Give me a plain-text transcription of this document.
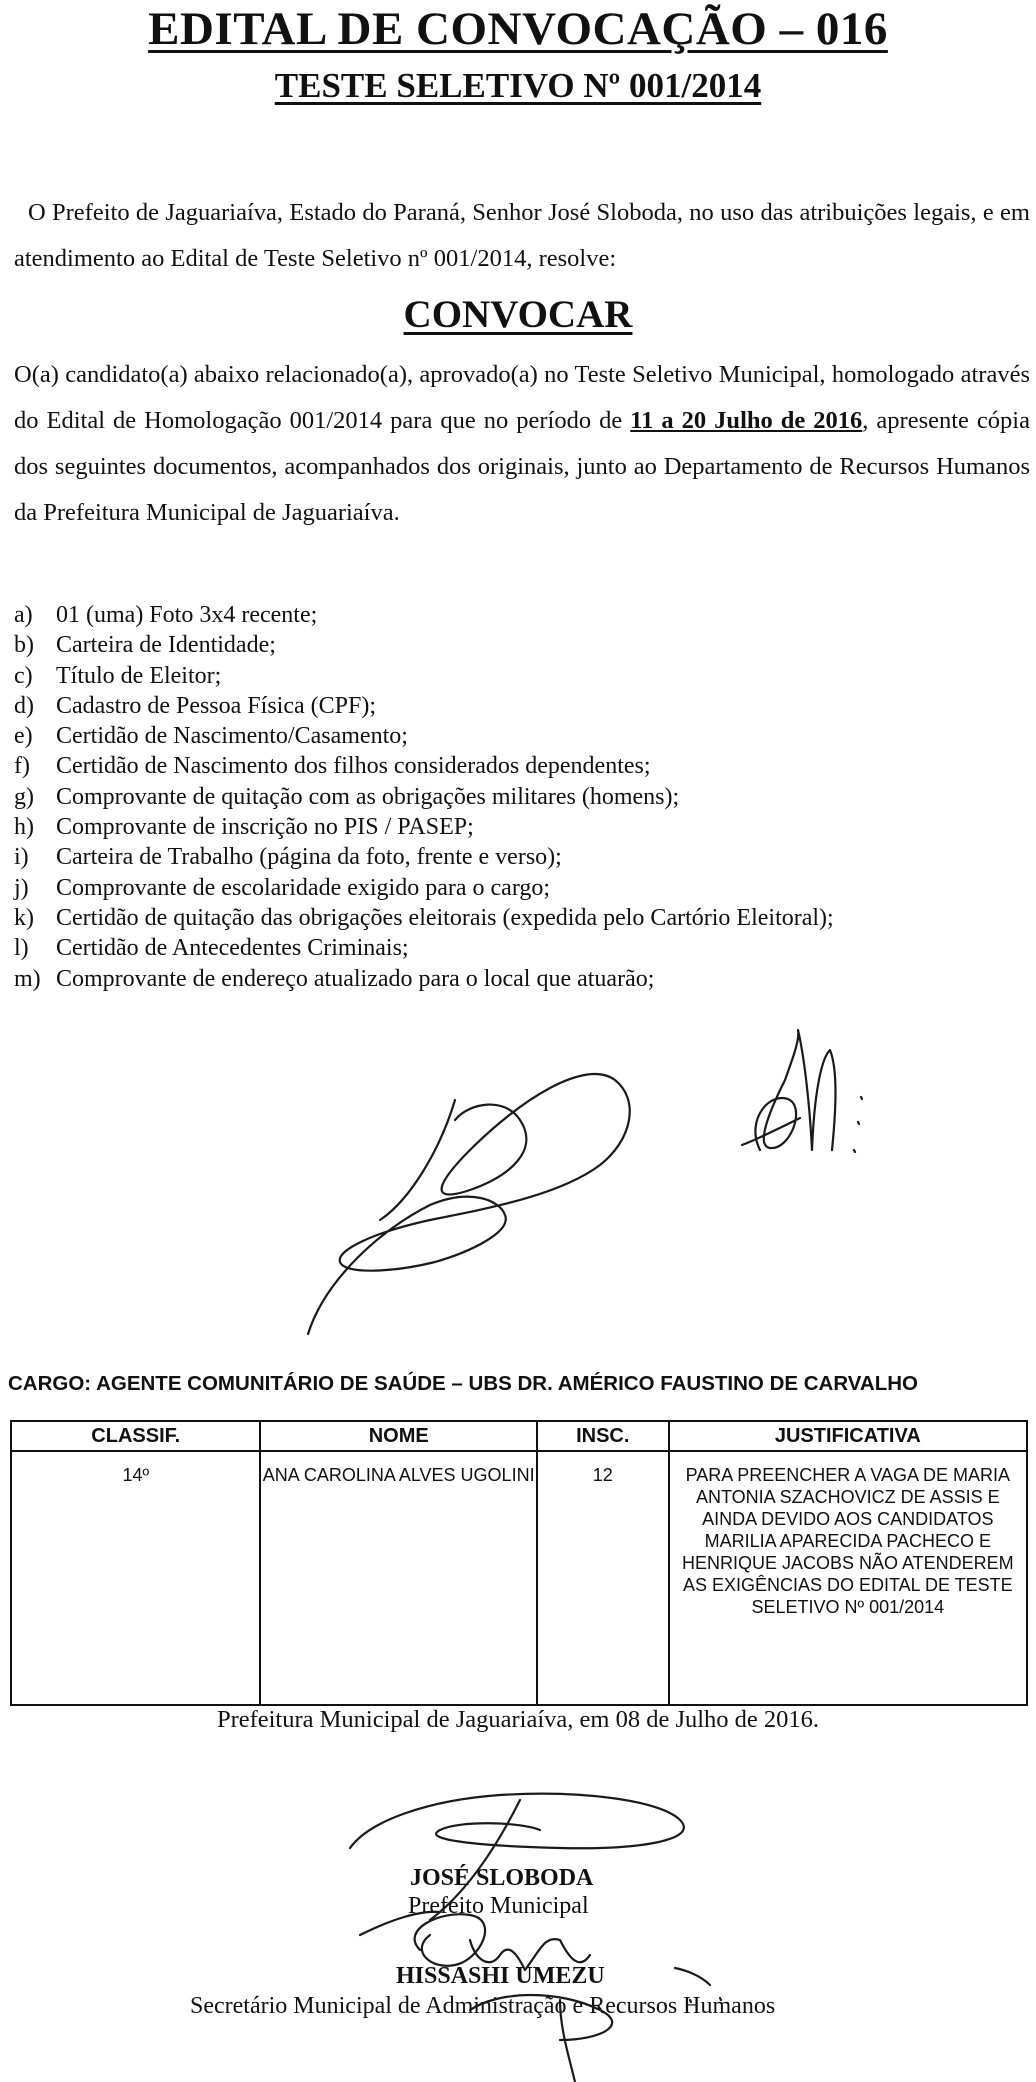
EDITAL DE CONVOCAÇÃO – 016
TESTE SELETIVO Nº 001/2014

O Prefeito de Jaguariaíva, Estado do Paraná, Senhor José Sloboda, no uso das atribuições legais, e em atendimento ao Edital de Teste Seletivo nº 001/2014, resolve:

CONVOCAR

O(a) candidato(a) abaixo relacionado(a), aprovado(a) no Teste Seletivo Municipal, homologado através do Edital de Homologação 001/2014 para que no período de 11 a 20 Julho de 2016, apresente cópia dos seguintes documentos, acompanhados dos originais, junto ao Departamento de Recursos Humanos da Prefeitura Municipal de Jaguariaíva.

a) 01 (uma) Foto 3x4 recente;
b) Carteira de Identidade;
c) Título de Eleitor;
d) Cadastro de Pessoa Física (CPF);
e) Certidão de Nascimento/Casamento;
f)	Certidão de Nascimento dos filhos considerados dependentes;
g) Comprovante de quitação com as obrigações militares (homens);
h) Comprovante de inscrição no PIS / PASEP;
i)	Carteira de Trabalho (página da foto, frente e verso);
j)	Comprovante de escolaridade exigido para o cargo;
k) Certidão de quitação das obrigações eleitorais (expedida pelo Cartório Eleitoral);
l)	Certidão de Antecedentes Criminais;
m) Comprovante de endereço atualizado para o local que atuarão;
CARGO: AGENTE COMUNITÁRIO DE SAÚDE – UBS DR. AMÉRICO FAUSTINO DE CARVALHO
CLASSIF.	NOME	INSC.	JUSTIFICATIVA
14º	ANA CAROLINA ALVES UGOLINI	12	PARA PREENCHER A VAGA DE MARIA ANTONIA SZACHOVICZ DE ASSIS E AINDA DEVIDO AOS CANDIDATOS MARILIA APARECIDA PACHECO E HENRIQUE JACOBS NÃO ATENDEREM AS EXIGÊNCIAS DO EDITAL DE TESTE SELETIVO Nº 001/2014
Prefeitura Municipal de Jaguariaíva, em 08 de Julho de 2016.
JOSÉ SLOBODA
Prefeito Municipal
HISSASHI UMEZU
Secretário Municipal de Administração e Recursos Humanos
